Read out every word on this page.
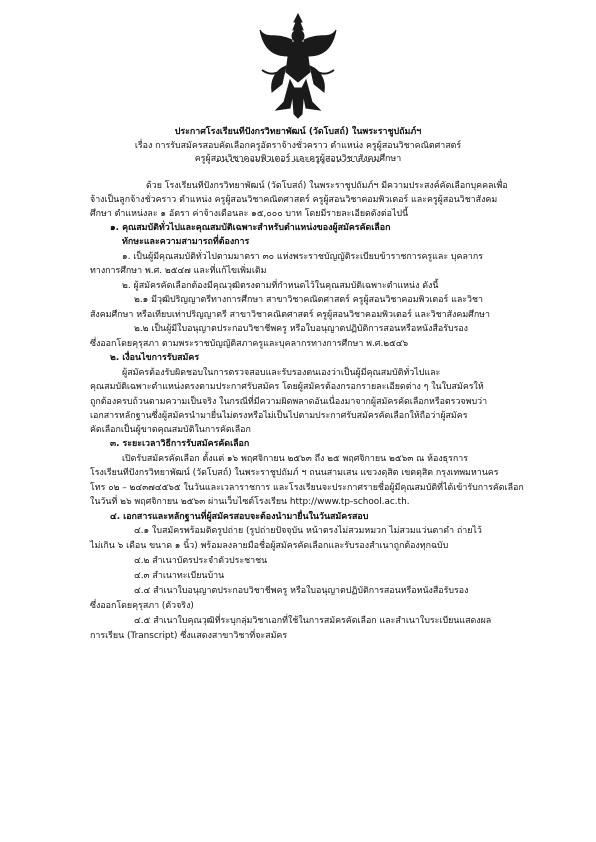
ประกาศโรงเรียนทีปังกรวิทยาพัฒน์ (วัดโบสถ์) ในพระราชูปถัมภ์ฯ

เรื่อง การรับสมัครสอบคัดเลือกครูอัตราจ้างชั่วคราว ตำแหน่ง ครูผู้สอนวิชาคณิตศาสตร์

ครูผู้สอนวิชาคอมพิวเตอร์ และครูผู้สอนวิชาสังคมศึกษา

ด้วย โรงเรียนทีปังกรวิทยาพัฒน์ (วัดโบสถ์) ในพระราชูปถัมภ์ฯ มีความประสงค์คัดเลือกบุคคลเพื่อ

จ้างเป็นลูกจ้างชั่วคราว ตำแหน่ง ครูผู้สอนวิชาคณิตศาสตร์ ครูผู้สอนวิชาคอมพิวเตอร์ และครูผู้สอนวิชาสังคม

ศึกษา ตำแหน่งละ ๑ อัตรา ค่าจ้างเดือนละ ๑๕,๐๐๐ บาท โดยมีรายละเอียดดังต่อไปนี้

๑. คุณสมบัติทั่วไปและคุณสมบัติเฉพาะสำหรับตำแหน่งของผู้สมัครคัดเลือก

ทักษะและความสามารถที่ต้องการ

๑. เป็นผู้มีคุณสมบัติทั่วไปตามมาตรา ๓๐ แห่งพระราชบัญญัติระเบียบข้าราชการครูและ บุคลากร

ทางการศึกษา พ.ศ. ๒๕๔๗ และที่แก้ไขเพิ่มเติม

๒. ผู้สมัครคัดเลือกต้องมีคุณวุฒิตรงตามที่กำหนดไว้ในคุณสมบัติเฉพาะตำแหน่ง ดังนี้

๒.๑ มีวุฒิปริญญาตรีทางการศึกษา สาขาวิชาคณิตศาสตร์ ครูผู้สอนวิชาคอมพิวเตอร์ และวิชา

สังคมศึกษา หรือเทียบเท่าปริญญาตรี สาขาวิชาคณิตศาสตร์ ครูผู้สอนวิชาคอมพิวเตอร์ และวิชาสังคมศึกษา

๒.๒ เป็นผู้มีใบอนุญาตประกอบวิชาชีพครู หรือใบอนุญาตปฏิบัติการสอนหรือหนังสือรับรอง

ซึ่งออกโดยคุรุสภา ตามพระราชบัญญัติสภาครูและบุคลากรทางการศึกษา พ.ศ.๒๕๔๖

๒. เงื่อนไขการรับสมัคร

ผู้สมัครต้องรับผิดชอบในการตรวจสอบและรับรองตนเองว่าเป็นผู้มีคุณสมบัติทั่วไปและ

คุณสมบัติเฉพาะตำแหน่งตรงตามประกาศรับสมัคร โดยผู้สมัครต้องกรอกรายละเอียดต่าง ๆ ในใบสมัครให้

ถูกต้องครบถ้วนตามความเป็นจริง ในกรณีที่มีความผิดพลาดอันเนื่องมาจากผู้สมัครคัดเลือกหรือตรวจพบว่า

เอกสารหลักฐานซึ่งผู้สมัครนำมายื่นไม่ตรงหรือไม่เป็นไปตามประกาศรับสมัครคัดเลือกให้ถือว่าผู้สมัคร

คัดเลือกเป็นผู้ขาดคุณสมบัติในการคัดเลือก

๓. ระยะเวลาวิธีการรับสมัครคัดเลือก

เปิดรับสมัครคัดเลือก ตั้งแต่ ๑๖ พฤศจิกายน ๒๕๖๓ ถึง ๒๕ พฤศจิกายน ๒๕๖๓ ณ ห้องธุรการ

โรงเรียนทีปังกรวิทยาพัฒน์ (วัดโบสถ์) ในพระราชูปถัมภ์ ฯ ถนนสามเสน แขวงดุสิต เขตดุสิต กรุงเทพมหานคร

โทร ๐๒ – ๒๔๓๗๔๕๖๕ ในวันและเวลาราชการ และโรงเรียนจะประกาศรายชื่อผู้มีคุณสมบัติที่ได้เข้ารับการคัดเลือก

ในวันที่ ๒๖ พฤศจิกายน ๒๕๖๓ ผ่านเว็บไซต์โรงเรียน http://www.tp-school.ac.th.

๔. เอกสารและหลักฐานที่ผู้สมัครสอบจะต้องนำมายื่นในวันสมัครสอบ

๔.๑ ใบสมัครพร้อมติดรูปถ่าย (รูปถ่ายปัจจุบัน หน้าตรงไม่สวมหมวก ไม่สวมแว่นตาดำ ถ่ายไว้

ไม่เกิน ๖ เดือน ขนาด ๑ นิ้ว) พร้อมลงลายมือชื่อผู้สมัครคัดเลือกและรับรองสำเนาถูกต้องทุกฉบับ

๔.๒ สำเนาบัตรประจำตัวประชาชน

๔.๓ สำเนาทะเบียนบ้าน

๔.๔ สำเนาใบอนุญาตประกอบวิชาชีพครู หรือใบอนุญาตปฏิบัติการสอนหรือหนังสือรับรอง

ซึ่งออกโดยคุรุสภา (ตัวจริง)

๔.๕ สำเนาใบคุณวุฒิที่ระบุกลุ่มวิชาเอกที่ใช้ในการสมัครคัดเลือก และสำเนาใบระเบียนแสดงผล

การเรียน (Transcript) ซึ่งแสดงสาขาวิชาที่จะสมัคร
